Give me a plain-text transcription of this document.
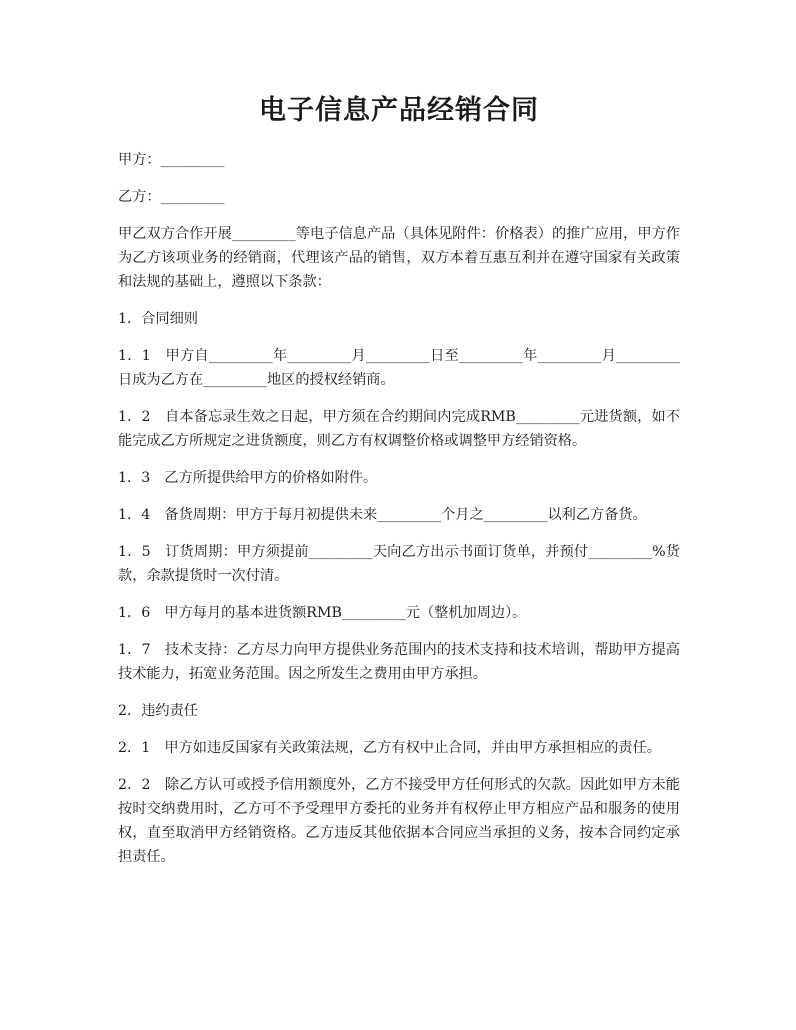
电子信息产品经销合同

甲方：_________

乙方：_________

甲乙双方合作开展_________等电子信息产品（具体见附件：价格表）的推广应用，甲方作为乙方该项业务的经销商，代理该产品的销售，双方本着互惠互利并在遵守国家有关政策和法规的基础上，遵照以下条款：

1．合同细则

1．1　甲方自_________年_________月_________日至_________年_________月_________日成为乙方在_________地区的授权经销商。

1．2　自本备忘录生效之日起，甲方须在合约期间内完成RMB_________元进货额，如不能完成乙方所规定之进货额度，则乙方有权调整价格或调整甲方经销资格。

1．3　乙方所提供给甲方的价格如附件。

1．4　备货周期：甲方于每月初提供未来_________个月之_________以利乙方备货。

1．5　订货周期：甲方须提前_________天向乙方出示书面订货单，并预付_________%货款，余款提货时一次付清。

1．6　甲方每月的基本进货额RMB_________元（整机加周边）。

1．7　技术支持：乙方尽力向甲方提供业务范围内的技术支持和技术培训，帮助甲方提高技术能力，拓宽业务范围。因之所发生之费用由甲方承担。

2．违约责任

2．1　甲方如违反国家有关政策法规，乙方有权中止合同，并由甲方承担相应的责任。

2．2　除乙方认可或授予信用额度外，乙方不接受甲方任何形式的欠款。因此如甲方未能按时交纳费用时，乙方可不予受理甲方委托的业务并有权停止甲方相应产品和服务的使用权，直至取消甲方经销资格。乙方违反其他依据本合同应当承担的义务，按本合同约定承担责任。
